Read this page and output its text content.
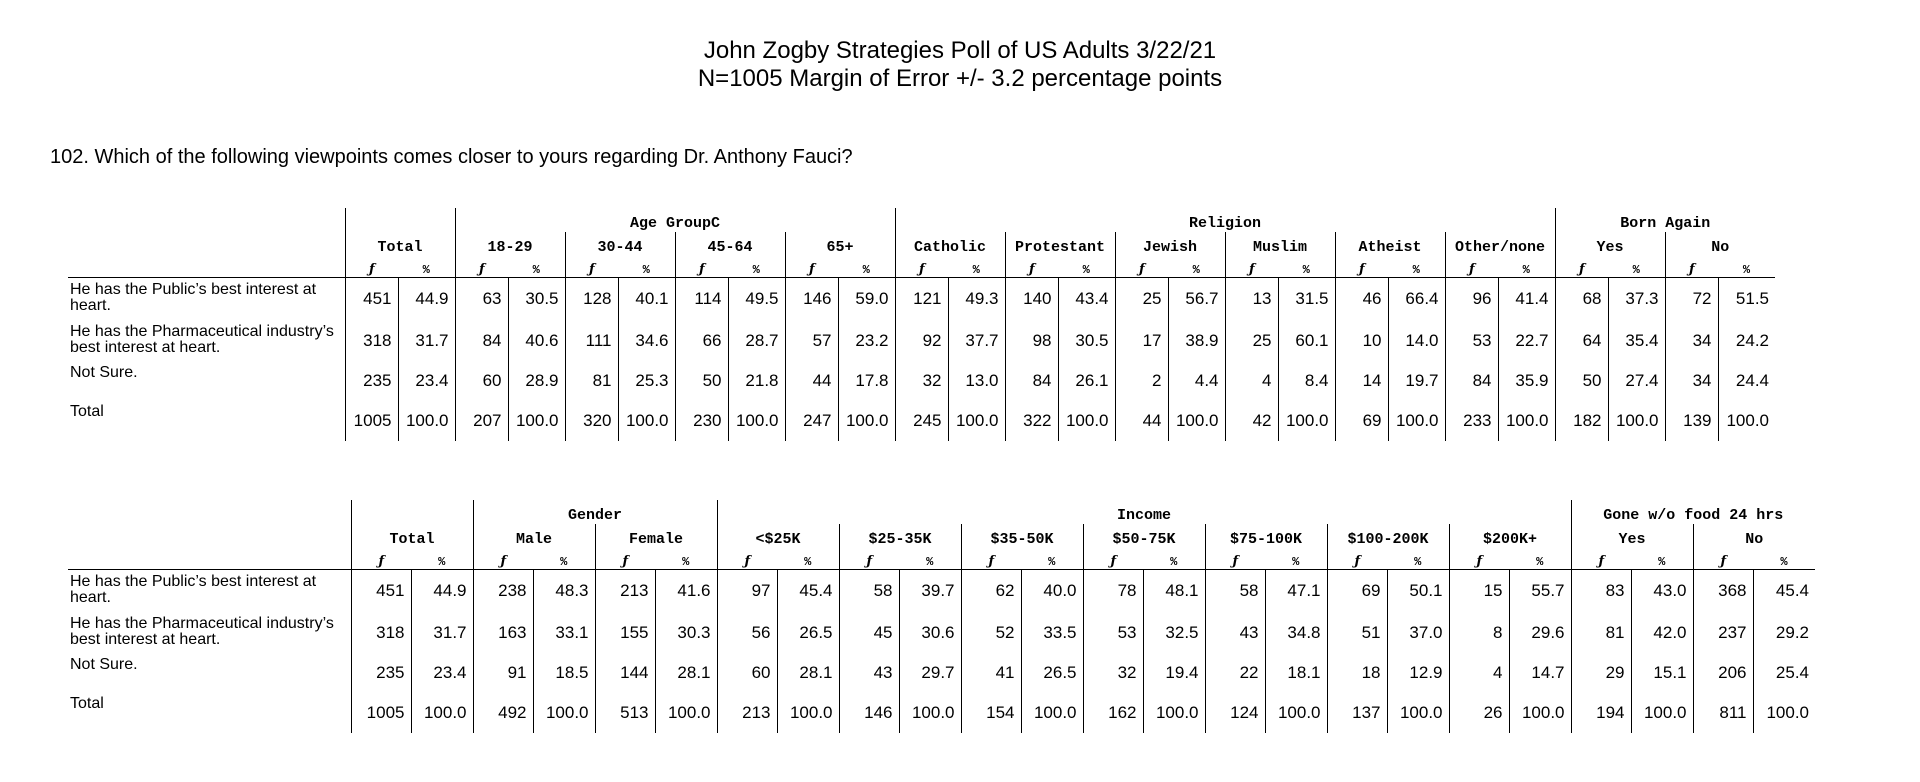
John Zogby Strategies Poll of US Adults 3/22/21
N=1005 Margin of Error +/- 3.2 percentage points
102. Which of the following viewpoints comes closer to yours regarding Dr. Anthony Fauci?
			Age GroupC								Religion												Born Again			
	Total		18-29		30-44		45-64		65+		Catholic		Protestant		Jewish		Muslim		Atheist		Other/none		Yes		No	
	ƒ	%	ƒ	%	ƒ	%	ƒ	%	ƒ	%	ƒ	%	ƒ	%	ƒ	%	ƒ	%	ƒ	%	ƒ	%	ƒ	%	ƒ	%
He has the Public’s best interest at heart.	451	44.9	63	30.5	128	40.1	114	49.5	146	59.0	121	49.3	140	43.4	25	56.7	13	31.5	46	66.4	96	41.4	68	37.3	72	51.5
He has the Pharmaceutical industry’s best interest at heart.	318	31.7	84	40.6	111	34.6	66	28.7	57	23.2	92	37.7	98	30.5	17	38.9	25	60.1	10	14.0	53	22.7	64	35.4	34	24.2
Not Sure.	235	23.4	60	28.9	81	25.3	50	21.8	44	17.8	32	13.0	84	26.1	2	4.4	4	8.4	14	19.7	84	35.9	50	27.4	34	24.4
Total	1005	100.0	207	100.0	320	100.0	230	100.0	247	100.0	245	100.0	322	100.0	44	100.0	42	100.0	69	100.0	233	100.0	182	100.0	139	100.0
			Gender				Income														Gone w/o food 24 hrs			
	Total		Male		Female		<$25K		$25-35K		$35-50K		$50-75K		$75-100K		$100-200K		$200K+		Yes		No	
	ƒ	%	ƒ	%	ƒ	%	ƒ	%	ƒ	%	ƒ	%	ƒ	%	ƒ	%	ƒ	%	ƒ	%	ƒ	%	ƒ	%
He has the Public’s best interest at heart.	451	44.9	238	48.3	213	41.6	97	45.4	58	39.7	62	40.0	78	48.1	58	47.1	69	50.1	15	55.7	83	43.0	368	45.4
He has the Pharmaceutical industry’s best interest at heart.	318	31.7	163	33.1	155	30.3	56	26.5	45	30.6	52	33.5	53	32.5	43	34.8	51	37.0	8	29.6	81	42.0	237	29.2
Not Sure.	235	23.4	91	18.5	144	28.1	60	28.1	43	29.7	41	26.5	32	19.4	22	18.1	18	12.9	4	14.7	29	15.1	206	25.4
Total	1005	100.0	492	100.0	513	100.0	213	100.0	146	100.0	154	100.0	162	100.0	124	100.0	137	100.0	26	100.0	194	100.0	811	100.0
